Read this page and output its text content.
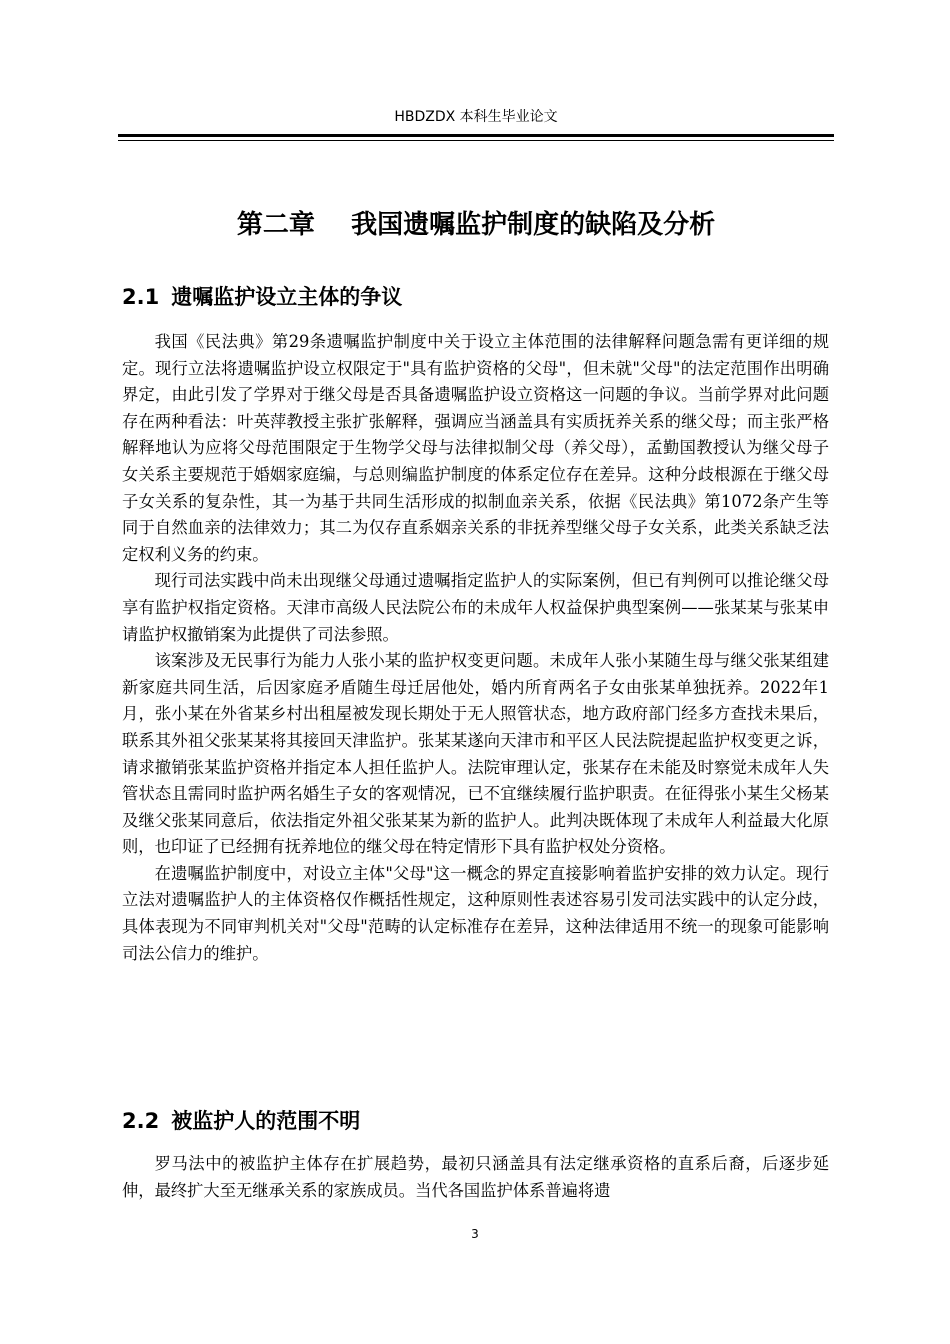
HBDZDX 本科生毕业论文
第二章    我国遗嘱监护制度的缺陷及分析
2.1 遗嘱监护设立主体的争议

我国《民法典》第29条遗嘱监护制度中关于设立主体范围的法律解释问题急需有更详细的规定。现行立法将遗嘱监护设立权限定于"具有监护资格的父母"，但未就"父母"的法定范围作出明确界定，由此引发了学界对于继父母是否具备遗嘱监护设立资格这一问题的争议。当前学界对此问题存在两种看法：叶英萍教授主张扩张解释，强调应当涵盖具有实质抚养关系的继父母；而主张严格解释地认为应将父母范围限定于生物学父母与法律拟制父母（养父母），孟勤国教授认为继父母子女关系主要规范于婚姻家庭编，与总则编监护制度的体系定位存在差异。这种分歧根源在于继父母子女关系的复杂性，其一为基于共同生活形成的拟制血亲关系，依据《民法典》第1072条产生等同于自然血亲的法律效力；其二为仅存直系姻亲关系的非抚养型继父母子女关系，此类关系缺乏法定权利义务的约束。

现行司法实践中尚未出现继父母通过遗嘱指定监护人的实际案例，但已有判例可以推论继父母享有监护权指定资格。天津市高级人民法院公布的未成年人权益保护典型案例——张某某与张某申请监护权撤销案为此提供了司法参照。

该案涉及无民事行为能力人张小某的监护权变更问题。未成年人张小某随生母与继父张某组建新家庭共同生活，后因家庭矛盾随生母迁居他处，婚内所育两名子女由张某单独抚养。2022年1月，张小某在外省某乡村出租屋被发现长期处于无人照管状态，地方政府部门经多方查找未果后，联系其外祖父张某某将其接回天津监护。张某某遂向天津市和平区人民法院提起监护权变更之诉，请求撤销张某监护资格并指定本人担任监护人。法院审理认定，张某存在未能及时察觉未成年人失管状态且需同时监护两名婚生子女的客观情况，已不宜继续履行监护职责。在征得张小某生父杨某及继父张某同意后，依法指定外祖父张某某为新的监护人。此判决既体现了未成年人利益最大化原则，也印证了已经拥有抚养地位的继父母在特定情形下具有监护权处分资格。

在遗嘱监护制度中，对设立主体"父母"这一概念的界定直接影响着监护安排的效力认定。现行立法对遗嘱监护人的主体资格仅作概括性规定，这种原则性表述容易引发司法实践中的认定分歧，具体表现为不同审判机关对"父母"范畴的认定标准存在差异，这种法律适用不统一的现象可能影响司法公信力的维护。

2.2 被监护人的范围不明

罗马法中的被监护主体存在扩展趋势，最初只涵盖具有法定继承资格的直系后裔，后逐步延伸，最终扩大至无继承关系的家族成员。当代各国监护体系普遍将遗

3
